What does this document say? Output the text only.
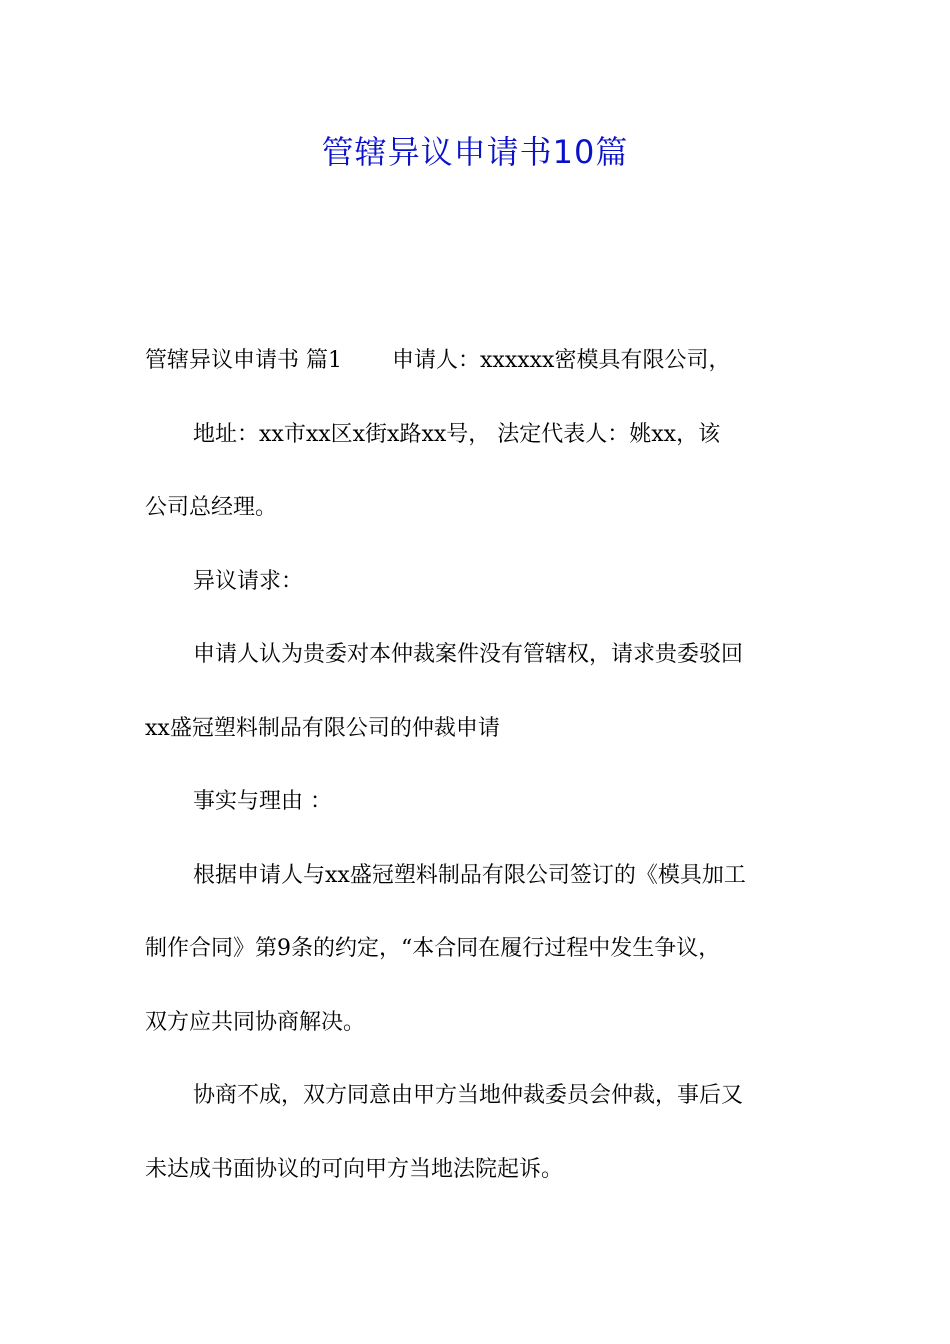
管辖异议申请书10篇
管辖异议申请书 篇1 申请人：xxxxxx密模具有限公司，
地址：xx市xx区x街x路xx号， 法定代表人：姚xx，该
公司总经理。
异议请求：
申请人认为贵委对本仲裁案件没有管辖权，请求贵委驳回
xx盛冠塑料制品有限公司的仲裁申请
事实与理由 ：
根据申请人与xx盛冠塑料制品有限公司签订的《模具加工
制作合同》第9条的约定，“本合同在履行过程中发生争议，
双方应共同协商解决。
协商不成，双方同意由甲方当地仲裁委员会仲裁，事后又
未达成书面协议的可向甲方当地法院起诉。
